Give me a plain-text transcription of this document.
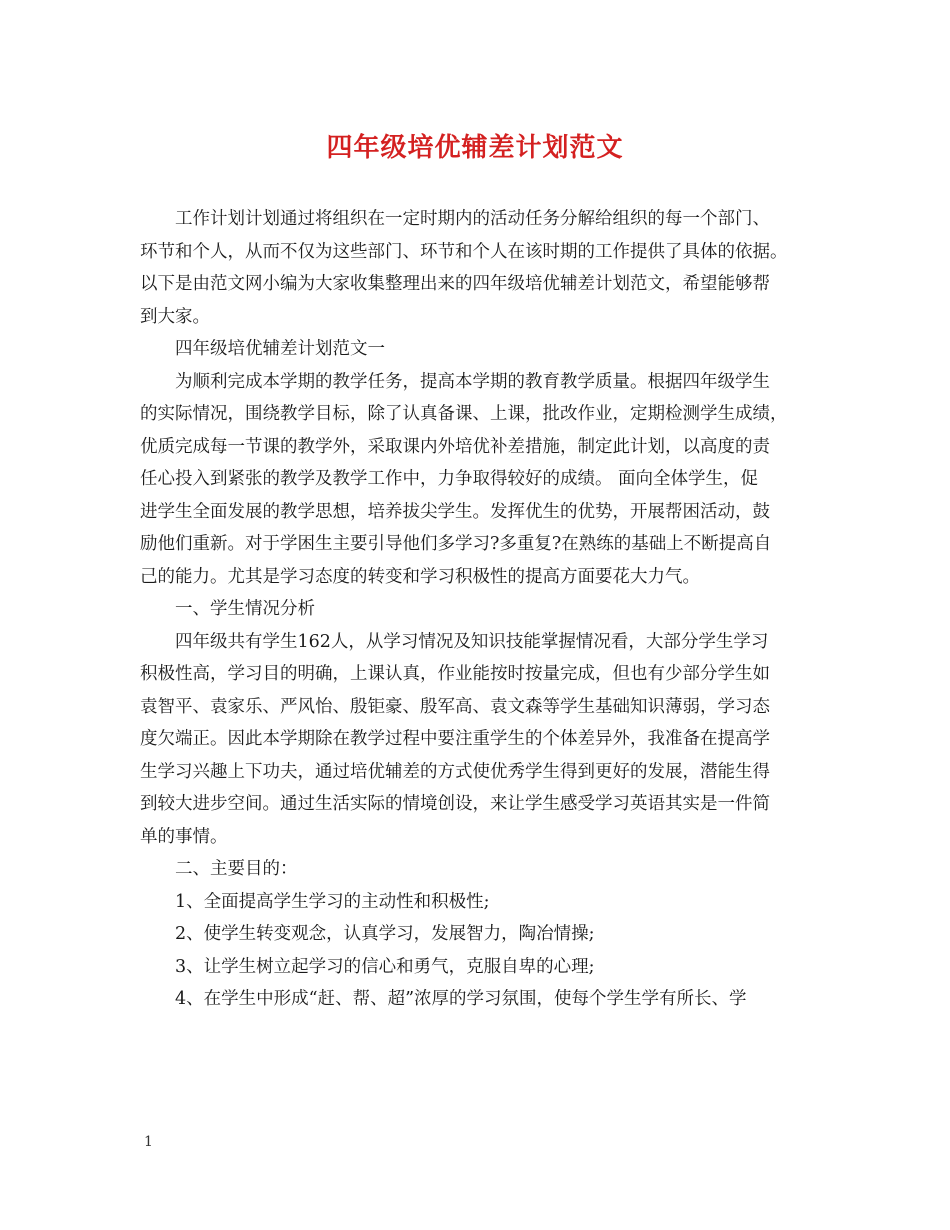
四年级培优辅差计划范文
工作计划计划通过将组织在一定时期内的活动任务分解给组织的每一个部门、
环节和个人，从而不仅为这些部门、环节和个人在该时期的工作提供了具体的依据。
以下是由范文网小编为大家收集整理出来的四年级培优辅差计划范文，希望能够帮
到大家。
四年级培优辅差计划范文一
为顺利完成本学期的教学任务，提高本学期的教育教学质量。根据四年级学生
的实际情况，围绕教学目标，除了认真备课、上课，批改作业，定期检测学生成绩，
优质完成每一节课的教学外，采取课内外培优补差措施，制定此计划，以高度的责
任心投入到紧张的教学及教学工作中，力争取得较好的成绩。 面向全体学生，促
进学生全面发展的教学思想，培养拔尖学生。发挥优生的优势，开展帮困活动，鼓
励他们重新。对于学困生主要引导他们多学习?多重复?在熟练的基础上不断提高自
己的能力。尤其是学习态度的转变和学习积极性的提高方面要花大力气。
一、学生情况分析
四年级共有学生162人，从学习情况及知识技能掌握情况看，大部分学生学习
积极性高，学习目的明确，上课认真，作业能按时按量完成，但也有少部分学生如
袁智平、袁家乐、严风怡、殷钜豪、殷军高、袁文森等学生基础知识薄弱，学习态
度欠端正。因此本学期除在教学过程中要注重学生的个体差异外，我准备在提高学
生学习兴趣上下功夫，通过培优辅差的方式使优秀学生得到更好的发展，潜能生得
到较大进步空间。通过生活实际的情境创设，来让学生感受学习英语其实是一件简
单的事情。
二、主要目的：
1、全面提高学生学习的主动性和积极性;
2、使学生转变观念，认真学习，发展智力，陶冶情操;
3、让学生树立起学习的信心和勇气，克服自卑的心理;
4、在学生中形成“赶、帮、超”浓厚的学习氛围，使每个学生学有所长、学
1
